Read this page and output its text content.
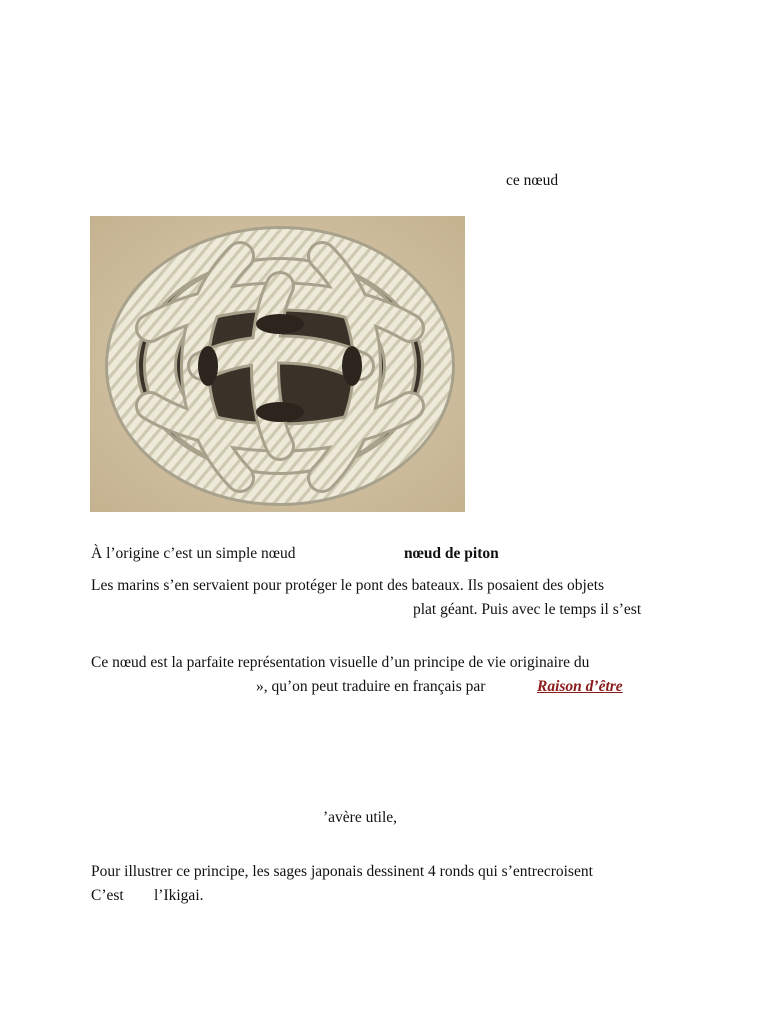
ce nœud
À l’origine c’est un simple nœud	nœud de piton
Les marins s’en servaient pour protéger le pont des bateaux. Ils posaient des objets
plat géant. Puis avec le temps il s’est
Ce nœud est la parfaite représentation visuelle d’un principe de vie originaire du
», qu’on peut traduire en français par	Raison d’être
’avère utile,
Pour illustrer ce principe, les sages japonais dessinent 4 ronds qui s’entrecroisent
C’est l’Ikigai.
